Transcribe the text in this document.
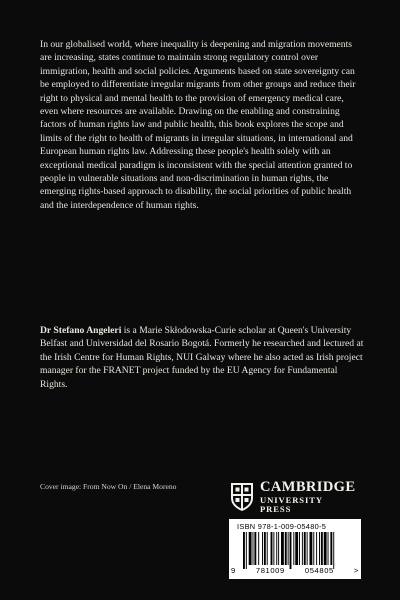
In our globalised world, where inequality is deepening and migration movements are increasing, states continue to maintain strong regulatory control over immigration, health and social policies. Arguments based on state sovereignty can be employed to differentiate irregular migrants from other groups and reduce their right to physical and mental health to the provision of emergency medical care, even where resources are available. Drawing on the enabling and constraining factors of human rights law and public health, this book explores the scope and limits of the right to health of migrants in irregular situations, in international and European human rights law. Addressing these people's health solely with an exceptional medical paradigm is inconsistent with the special attention granted to people in vulnerable situations and non-discrimination in human rights, the emerging rights-based approach to disability, the social priorities of public health and the interdependence of human rights.

Dr Stefano Angeleri is a Marie Skłodowska-Curie scholar at Queen's University Belfast and Universidad del Rosario Bogotá. Formerly he researched and lectured at the Irish Centre for Human Rights, NUI Galway where he also acted as Irish project manager for the FRANET project funded by the EU Agency for Fundamental Rights.

Cover image: From Now On / Elena Moreno	CAMBRIDGE
UNIVERSITY PRESS
ISBN 978-1-009-05480-5
9	781009	054805	>
